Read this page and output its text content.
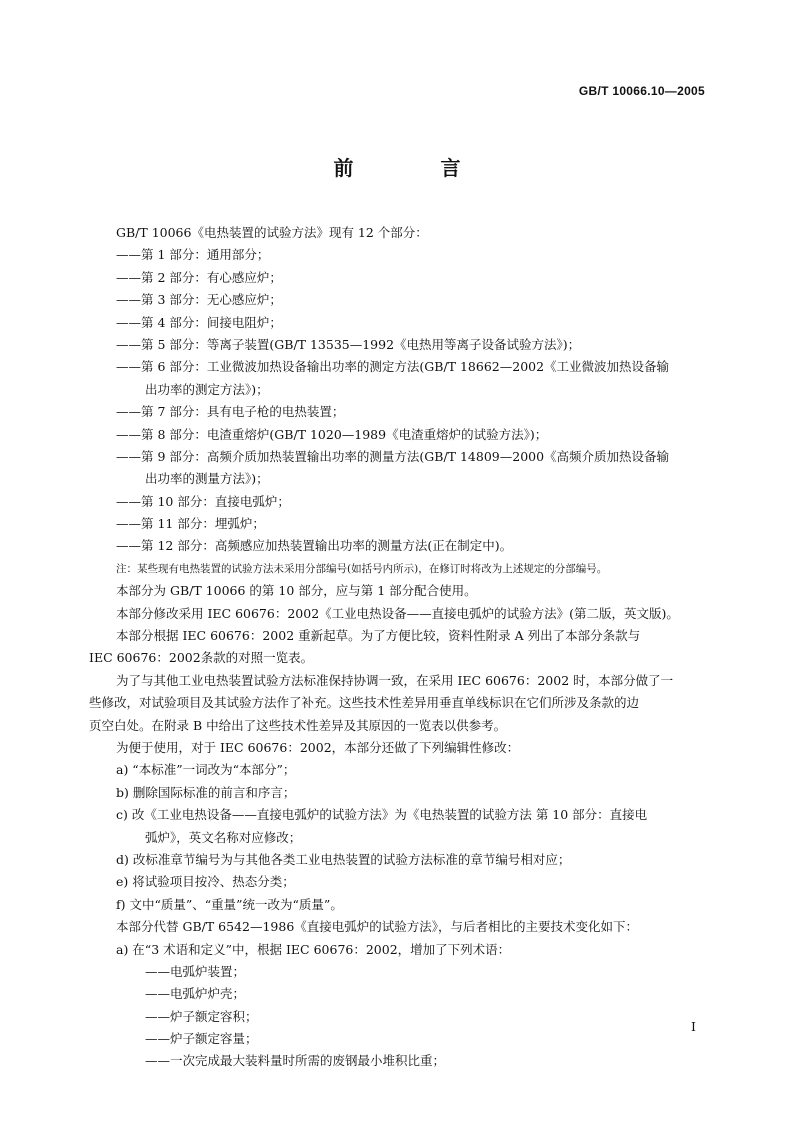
GB/T 10066.10—2005
前 言
GB/T 10066《电热装置的试验方法》现有 12 个部分：
——第 1 部分：通用部分；
——第 2 部分：有心感应炉；
——第 3 部分：无心感应炉；
——第 4 部分：间接电阻炉；
——第 5 部分：等离子装置(GB/T 13535—1992《电热用等离子设备试验方法》)；
——第 6 部分：工业微波加热设备输出功率的测定方法(GB/T 18662—2002《工业微波加热设备输
出功率的测定方法》)；
——第 7 部分：具有电子枪的电热装置；
——第 8 部分：电渣重熔炉(GB/T 1020—1989《电渣重熔炉的试验方法》)；
——第 9 部分：高频介质加热装置输出功率的测量方法(GB/T 14809—2000《高频介质加热设备输
出功率的测量方法》)；
——第 10 部分：直接电弧炉；
——第 11 部分：埋弧炉；
——第 12 部分：高频感应加热装置输出功率的测量方法(正在制定中)。
注：某些现有电热装置的试验方法未采用分部编号(如括号内所示)，在修订时将改为上述规定的分部编号。
本部分为 GB/T 10066 的第 10 部分，应与第 1 部分配合使用。
本部分修改采用 IEC 60676：2002《工业电热设备——直接电弧炉的试验方法》(第二版，英文版)。
本部分根据 IEC 60676：2002 重新起草。为了方便比较，资料性附录 A 列出了本部分条款与
IEC 60676：2002条款的对照一览表。
为了与其他工业电热装置试验方法标准保持协调一致，在采用 IEC 60676：2002 时，本部分做了一
些修改，对试验项目及其试验方法作了补充。这些技术性差异用垂直单线标识在它们所涉及条款的边
页空白处。在附录 B 中给出了这些技术性差异及其原因的一览表以供参考。
为便于使用，对于 IEC 60676：2002，本部分还做了下列编辑性修改：
a) “本标准”一词改为“本部分”；
b) 删除国际标准的前言和序言；
c) 改《工业电热设备——直接电弧炉的试验方法》为《电热装置的试验方法 第 10 部分：直接电
弧炉》，英文名称对应修改；
d) 改标准章节编号为与其他各类工业电热装置的试验方法标准的章节编号相对应；
e) 将试验项目按冷、热态分类；
f) 文中“质量”、“重量”统一改为“质量”。
本部分代替 GB/T 6542—1986《直接电弧炉的试验方法》，与后者相比的主要技术变化如下：
a) 在“3 术语和定义”中，根据 IEC 60676：2002，增加了下列术语：
——电弧炉装置；
——电弧炉炉壳；
——炉子额定容积；
——炉子额定容量；
——一次完成最大装料量时所需的废钢最小堆积比重；
I
